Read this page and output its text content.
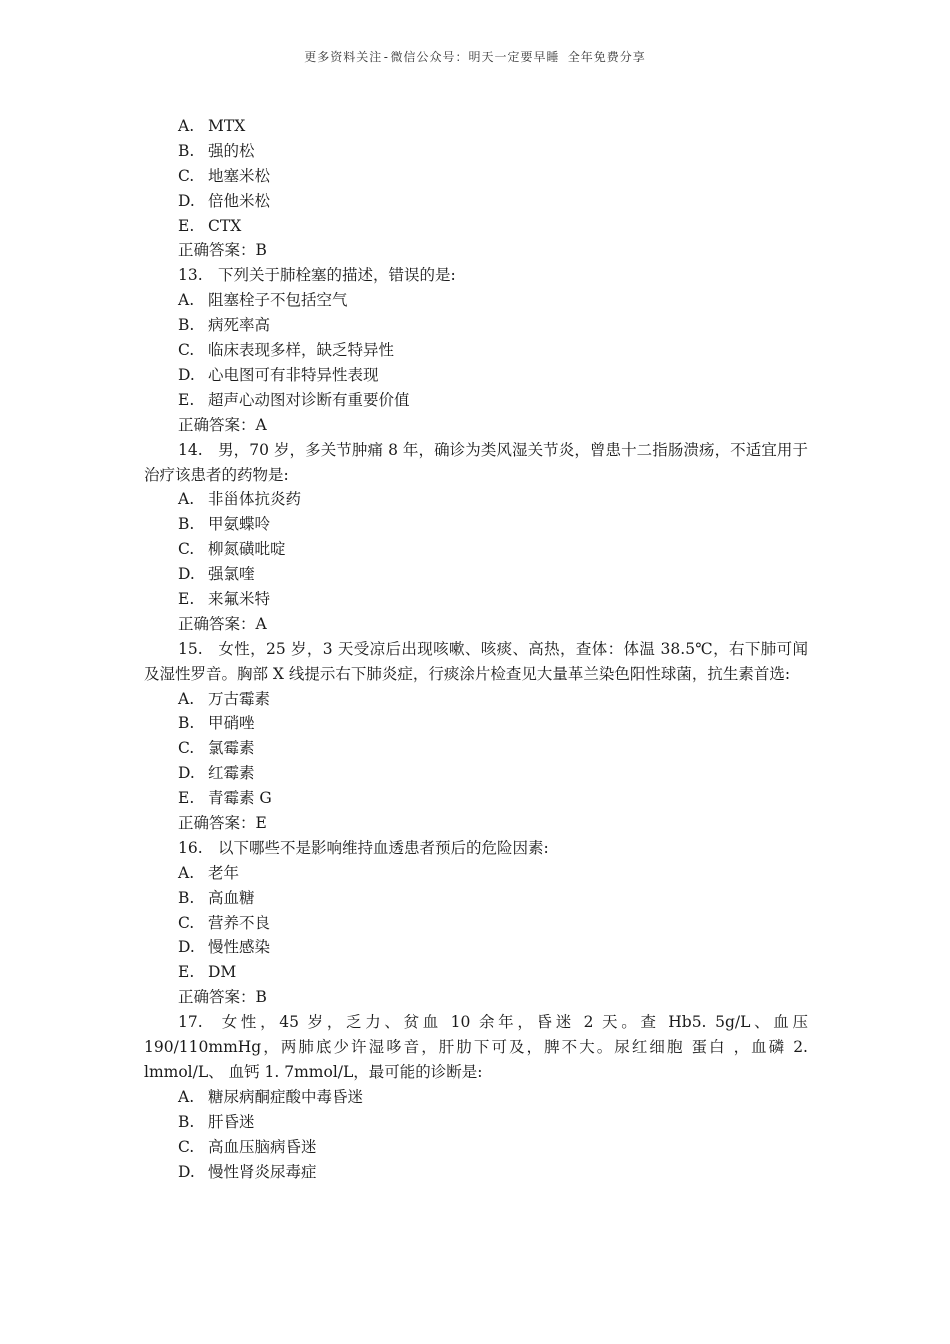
更多资料关注-微信公众号：明天一定要早睡 全年免费分享
A. MTX
B. 强的松
C. 地塞米松
D. 倍他米松
E. CTX
正确答案：B
13. 下列关于肺栓塞的描述，错误的是:
A. 阻塞栓子不包括空气
B. 病死率高
C. 临床表现多样，缺乏特异性
D. 心电图可有非特异性表现
E. 超声心动图对诊断有重要价值
正确答案：A
14. 男，70 岁，多关节肿痛 8 年，确诊为类风湿关节炎，曾患十二指肠溃疡，不适宜用于治疗该患者的药物是:
A. 非甾体抗炎药
B. 甲氨蝶呤
C. 柳氮磺吡啶
D. 强氯喹
E. 来氟米特
正确答案：A
15. 女性，25 岁，3 天受凉后出现咳嗽、咳痰、高热，查体：体温 38.5℃，右下肺可闻及湿性罗音。胸部 X 线提示右下肺炎症，行痰涂片检查见大量革兰染色阳性球菌，抗生素首选:
A. 万古霉素
B. 甲硝唑
C. 氯霉素
D. 红霉素
E. 青霉素 G
正确答案：E
16. 以下哪些不是影响维持血透患者预后的危险因素:
A. 老年
B. 高血糖
C. 营养不良
D. 慢性感染
E. DM
正确答案：B
17. 女性，45 岁，乏力、贫血 10 余年，昏迷 2 天。查 Hb5. 5g/L、血压 190/110mmHg，两肺底少许湿哆音，肝肋下可及，脾不大。尿红细胞 蛋白 ，血磷 2. lmmol/L、 血钙 1. 7mmol/L，最可能的诊断是:
A. 糖尿病酮症酸中毒昏迷
B. 肝昏迷
C. 高血压脑病昏迷
D. 慢性肾炎尿毒症
